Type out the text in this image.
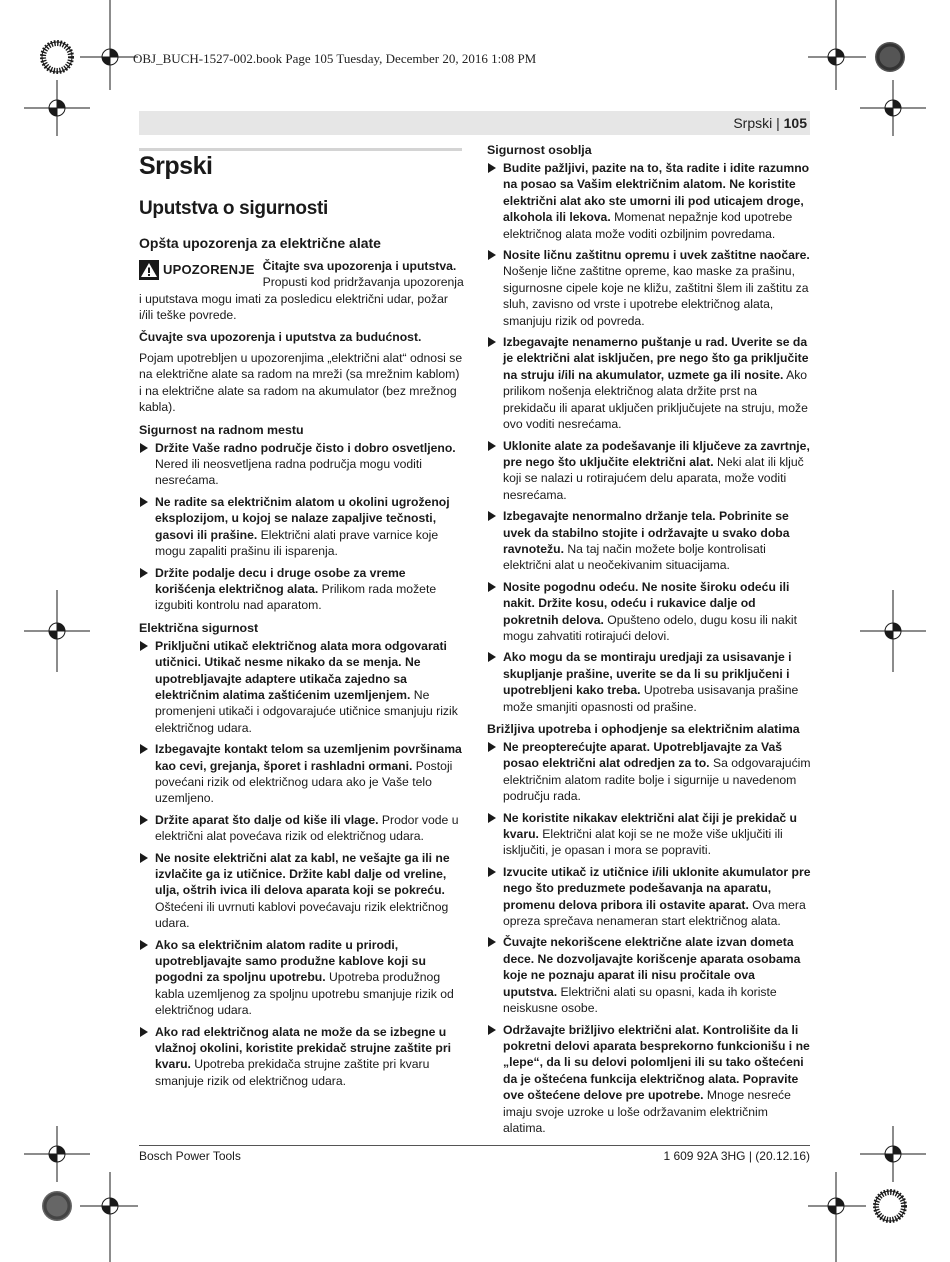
OBJ_BUCH-1527-002.book Page 105 Tuesday, December 20, 2016 1:08 PM
Srpski | 105
Srpski
Uputstva o sigurnosti
Opšta upozorenja za električne alate

UPOZORENJE Čitajte sva upozorenja i uputstva. Propusti kod pridržavanja upozorenja i uputstava mogu imati za posledicu električni udar, požar i/ili teške povrede.

Čuvajte sva upozorenja i uputstva za budućnost.

Pojam upotrebljen u upozorenjima „električni alat“ odnosi se na električne alate sa radom na mreži (sa mrežnim kablom) i na električne alate sa radom na akumulator (bez mrežnog kabla).

Sigurnost na radnom mestu
Držite Vaše radno područje čisto i dobro osvetljeno. Nered ili neosvetljena radna područja mogu voditi nesrećama.
Ne radite sa električnim alatom u okolini ugroženoj eksplozijom, u kojoj se nalaze zapaljive tečnosti, gasovi ili prašine. Električni alati prave varnice koje mogu zapaliti prašinu ili isparenja.
Držite podalje decu i druge osobe za vreme korišćenja električnog alata. Prilikom rada možete izgubiti kontrolu nad aparatom.
Električna sigurnost
Priključni utikač električnog alata mora odgovarati utičnici. Utikač nesme nikako da se menja. Ne upotrebljavajte adaptere utikača zajedno sa električnim alatima zaštićenim uzemljenjem. Ne promenjeni utikači i odgovarajuće utičnice smanjuju rizik električnog udara.
Izbegavajte kontakt telom sa uzemljenim površinama kao cevi, grejanja, šporet i rashladni ormani. Postoji povećani rizik od električnog udara ako je Vaše telo uzemljeno.
Držite aparat što dalje od kiše ili vlage. Prodor vode u električni alat povećava rizik od električnog udara.
Ne nosite električni alat za kabl, ne vešajte ga ili ne izvlačite ga iz utičnice. Držite kabl dalje od vreline, ulja, oštrih ivica ili delova aparata koji se pokreću. Oštećeni ili uvrnuti kablovi povećavaju rizik električnog udara.
Ako sa električnim alatom radite u prirodi, upotrebljavajte samo produžne kablove koji su pogodni za spoljnu upotrebu. Upotreba produžnog kabla uzemljenog za spoljnu upotrebu smanjuje rizik od električnog udara.
Ako rad električnog alata ne može da se izbegne u vlažnoj okolini, koristite prekidač strujne zaštite pri kvaru. Upotreba prekidača strujne zaštite pri kvaru smanjuje rizik od električnog udara.
Sigurnost osoblja
Budite pažljivi, pazite na to, šta radite i idite razumno na posao sa Vašim električnim alatom. Ne koristite električni alat ako ste umorni ili pod uticajem droge, alkohola ili lekova. Momenat nepažnje kod upotrebe električnog alata može voditi ozbiljnim povredama.
Nosite ličnu zaštitnu opremu i uvek zaštitne naočare. Nošenje lične zaštitne opreme, kao maske za prašinu, sigurnosne cipele koje ne kližu, zaštitni šlem ili zaštitu za sluh, zavisno od vrste i upotrebe električnog alata, smanjuju rizik od povreda.
Izbegavajte nenamerno puštanje u rad. Uverite se da je električni alat isključen, pre nego što ga priključite na struju i/ili na akumulator, uzmete ga ili nosite. Ako prilikom nošenja električnog alata držite prst na prekidaču ili aparat uključen priključujete na struju, može ovo voditi nesrećama.
Uklonite alate za podešavanje ili ključeve za zavrtnje, pre nego što uključite električni alat. Neki alat ili ključ koji se nalazi u rotirajućem delu aparata, može voditi nesrećama.
Izbegavajte nenormalno držanje tela. Pobrinite se uvek da stabilno stojite i održavajte u svako doba ravnotežu. Na taj način možete bolje kontrolisati električni alat u neočekivanim situacijama.
Nosite pogodnu odeću. Ne nosite široku odeću ili nakit. Držite kosu, odeću i rukavice dalje od pokretnih delova. Opušteno odelo, dugu kosu ili nakit mogu zahvatiti rotirajući delovi.
Ako mogu da se montiraju uredjaji za usisavanje i skupljanje prašine, uverite se da li su priključeni i upotrebljeni kako treba. Upotreba usisavanja prašine može smanjiti opasnosti od prašine.
Brižljiva upotreba i ophodjenje sa električnim alatima
Ne preopterećujte aparat. Upotrebljavajte za Vaš posao električni alat odredjen za to. Sa odgovarajućim električnim alatom radite bolje i sigurnije u navedenom području rada.
Ne koristite nikakav električni alat čiji je prekidač u kvaru. Električni alat koji se ne može više uključiti ili isključiti, je opasan i mora se popraviti.
Izvucite utikač iz utičnice i/ili uklonite akumulator pre nego što preduzmete podešavanja na aparatu, promenu delova pribora ili ostavite aparat. Ova mera opreza sprečava nenameran start električnog alata.
Čuvajte nekorišcene električne alate izvan dometa dece. Ne dozvoljavajte korišcenje aparata osobama koje ne poznaju aparat ili nisu pročitale ova uputstva. Električni alati su opasni, kada ih koriste neiskusne osobe.
Održavajte brižljivo električni alat. Kontrolišite da li pokretni delovi aparata besprekorno funkcionišu i ne „lepe“, da li su delovi polomljeni ili su tako oštećeni da je oštećena funkcija električnog alata. Popravite ove oštećene delove pre upotrebe. Mnoge nesreće imaju svoje uzroke u loše održavanim električnim alatima.
Bosch Power Tools	1 609 92A 3HG | (20.12.16)
